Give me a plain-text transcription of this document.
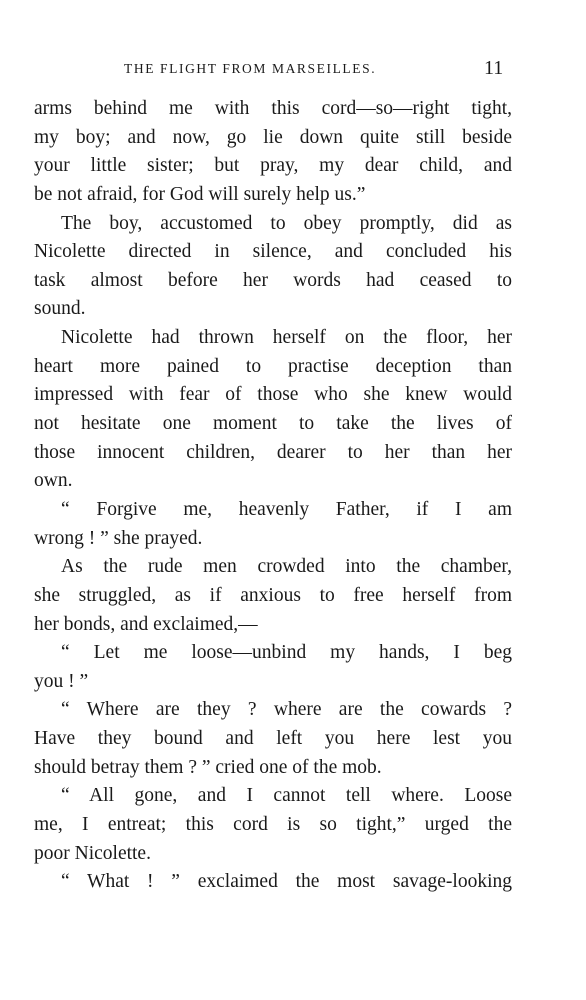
THE FLIGHT FROM MARSEILLES.	11
arms behind me with this cord—so—right tight,
my boy; and now, go lie down quite still beside
your little sister; but pray, my dear child, and
be not afraid, for God will surely help us.”
The boy, accustomed to obey promptly, did as
Nicolette directed in silence, and concluded his
task almost before her words had ceased to
sound.
Nicolette had thrown herself on the floor, her
heart more pained to practise deception than
impressed with fear of those who she knew would
not hesitate one moment to take the lives of
those innocent children, dearer to her than her
own.
“ Forgive me, heavenly Father, if I am
wrong ! ” she prayed.
As the rude men crowded into the chamber,
she struggled, as if anxious to free herself from
her bonds, and exclaimed,—
“ Let me loose—unbind my hands, I beg
you ! ”
“ Where are they ? where are the cowards ?
Have they bound and left you here lest you
should betray them ? ” cried one of the mob.
“ All gone, and I cannot tell where. Loose
me, I entreat; this cord is so tight,” urged the
poor Nicolette.
“ What ! ” exclaimed the most savage-looking
